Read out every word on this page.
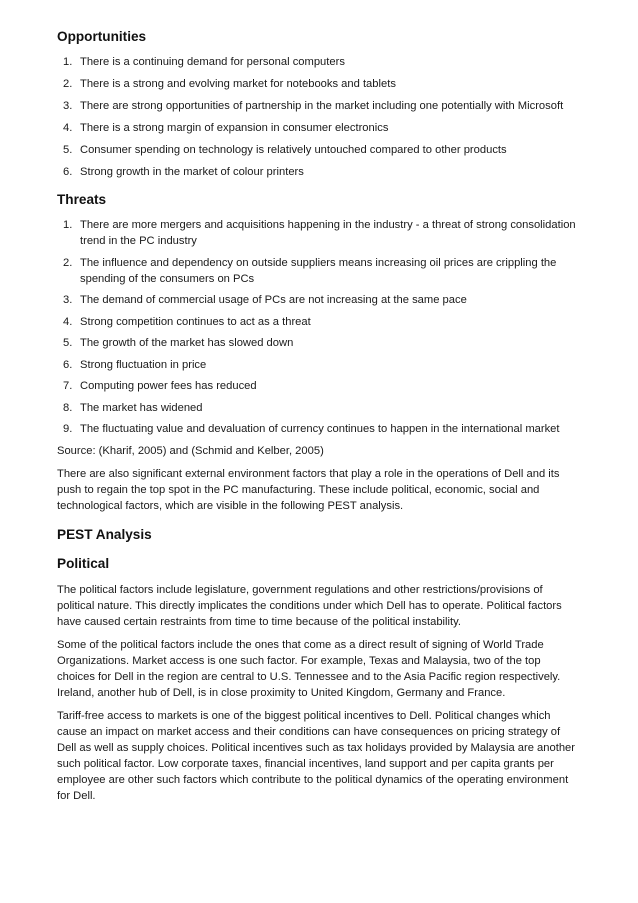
Opportunities
1. There is a continuing demand for personal computers
2. There is a strong and evolving market for notebooks and tablets
3. There are strong opportunities of partnership in the market including one potentially with Microsoft
4. There is a strong margin of expansion in consumer electronics
5. Consumer spending on technology is relatively untouched compared to other products
6. Strong growth in the market of colour printers
Threats
1. There are more mergers and acquisitions happening in the industry - a threat of strong consolidation trend in the PC industry
2. The influence and dependency on outside suppliers means increasing oil prices are crippling the spending of the consumers on PCs
3. The demand of commercial usage of PCs are not increasing at the same pace
4. Strong competition continues to act as a threat
5. The growth of the market has slowed down
6. Strong fluctuation in price
7. Computing power fees has reduced
8. The market has widened
9. The fluctuating value and devaluation of currency continues to happen in the international market

Source: (Kharif, 2005) and (Schmid and Kelber, 2005)

There are also significant external environment factors that play a role in the operations of Dell and its push to regain the top spot in the PC manufacturing. These include political, economic, social and technological factors, which are visible in the following PEST analysis.

PEST Analysis
Political

The political factors include legislature, government regulations and other restrictions/provisions of political nature. This directly implicates the conditions under which Dell has to operate. Political factors have caused certain restraints from time to time because of the political instability.

Some of the political factors include the ones that come as a direct result of signing of World Trade Organizations. Market access is one such factor. For example, Texas and Malaysia, two of the top choices for Dell in the region are central to U.S. Tennessee and to the Asia Pacific region respectively. Ireland, another hub of Dell, is in close proximity to United Kingdom, Germany and France.

Tariff-free access to markets is one of the biggest political incentives to Dell. Political changes which cause an impact on market access and their conditions can have consequences on pricing strategy of Dell as well as supply choices. Political incentives such as tax holidays provided by Malaysia are another such political factor. Low corporate taxes, financial incentives, land support and per capita grants per employee are other such factors which contribute to the political dynamics of the operating environment for Dell.
